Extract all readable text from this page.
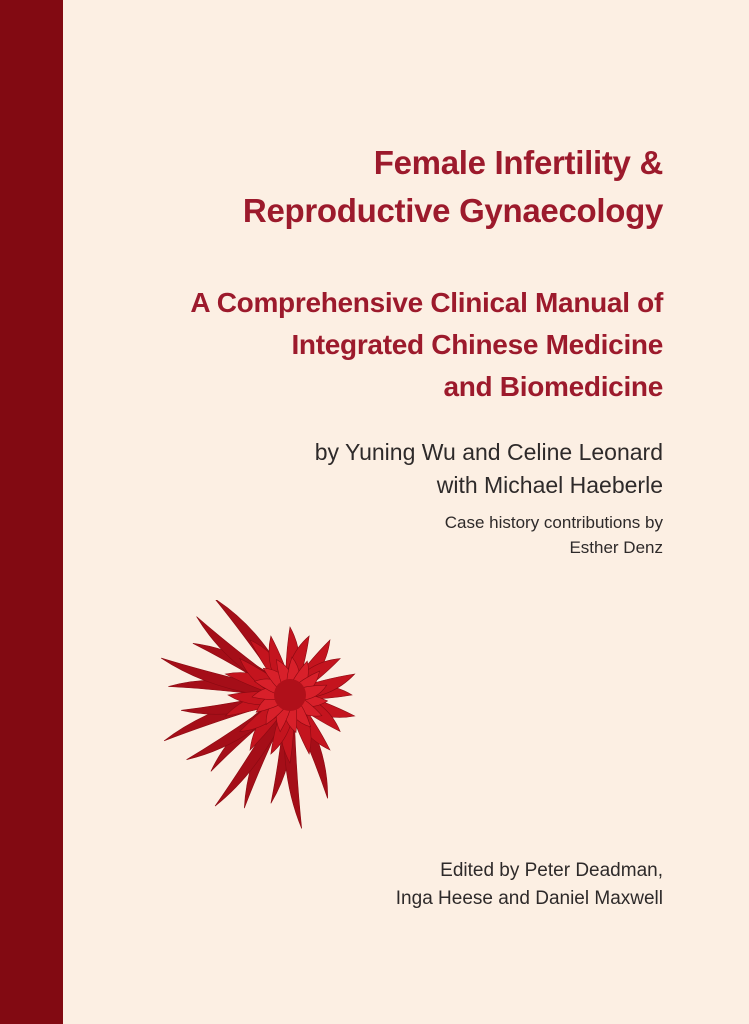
Female Infertility &
Reproductive Gynaecology
A Comprehensive Clinical Manual of
Integrated Chinese Medicine
and Biomedicine
by Yuning Wu and Celine Leonard
with Michael Haeberle
Case history contributions by
Esther Denz
Edited by Peter Deadman,
Inga Heese and Daniel Maxwell
